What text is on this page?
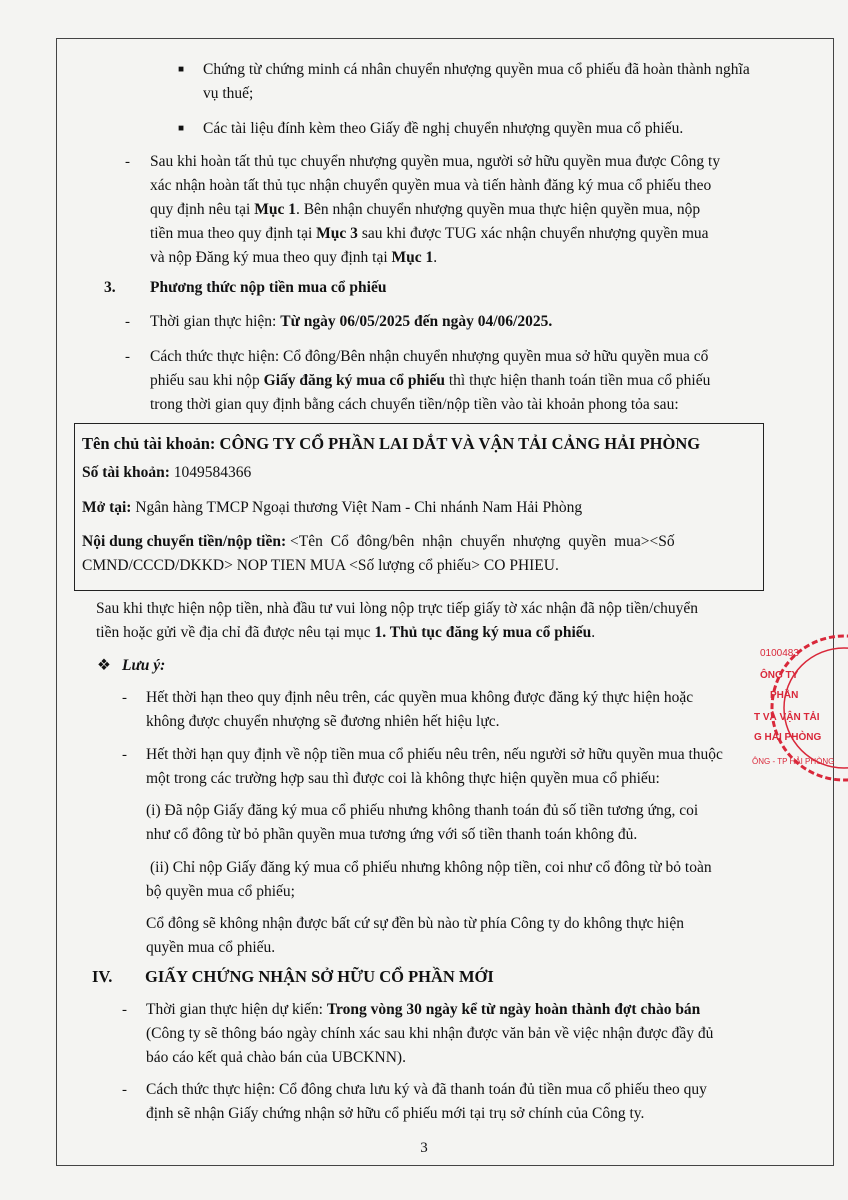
■ Chứng từ chứng minh cá nhân chuyển nhượng quyền mua cổ phiếu đã hoàn thành nghĩa vụ thuế;
■ Các tài liệu đính kèm theo Giấy đề nghị chuyển nhượng quyền mua cổ phiếu.
- Sau khi hoàn tất thủ tục chuyển nhượng quyền mua, người sở hữu quyền mua được Công ty
xác nhận hoàn tất thủ tục nhận chuyển quyền mua và tiến hành đăng ký mua cổ phiếu theo
quy định nêu tại Mục 1. Bên nhận chuyển nhượng quyền mua thực hiện quyền mua, nộp
tiền mua theo quy định tại Mục 3 sau khi được TUG xác nhận chuyển nhượng quyền mua
và nộp Đăng ký mua theo quy định tại Mục 1.
3. Phương thức nộp tiền mua cổ phiếu
- Thời gian thực hiện: Từ ngày 06/05/2025 đến ngày 04/06/2025.
- Cách thức thực hiện: Cổ đông/Bên nhận chuyển nhượng quyền mua sở hữu quyền mua cổ
phiếu sau khi nộp Giấy đăng ký mua cổ phiếu thì thực hiện thanh toán tiền mua cổ phiếu
trong thời gian quy định bằng cách chuyển tiền/nộp tiền vào tài khoản phong tỏa sau:
Tên chủ tài khoản: CÔNG TY CỔ PHẦN LAI DẮT VÀ VẬN TẢI CẢNG HẢI PHÒNG
Số tài khoản: 1049584366
Mở tại: Ngân hàng TMCP Ngoại thương Việt Nam - Chi nhánh Nam Hải Phòng
Nội dung chuyển tiền/nộp tiền: <Tên Cổ đông/bên nhận chuyển nhượng quyền mua><Số
CMND/CCCD/DKKD> NOP TIEN MUA <Số lượng cổ phiếu> CO PHIEU.
Sau khi thực hiện nộp tiền, nhà đầu tư vui lòng nộp trực tiếp giấy tờ xác nhận đã nộp tiền/chuyển
tiền hoặc gửi về địa chỉ đã được nêu tại mục 1. Thủ tục đăng ký mua cổ phiếu.
❖ Lưu ý:
- Hết thời hạn theo quy định nêu trên, các quyền mua không được đăng ký thực hiện hoặc
không được chuyển nhượng sẽ đương nhiên hết hiệu lực.
- Hết thời hạn quy định về nộp tiền mua cổ phiếu nêu trên, nếu người sở hữu quyền mua thuộc
một trong các trường hợp sau thì được coi là không thực hiện quyền mua cổ phiếu:
(i) Đã nộp Giấy đăng ký mua cổ phiếu nhưng không thanh toán đủ số tiền tương ứng, coi
như cổ đông từ bỏ phần quyền mua tương ứng với số tiền thanh toán không đủ.
(ii) Chỉ nộp Giấy đăng ký mua cổ phiếu nhưng không nộp tiền, coi như cổ đông từ bỏ toàn
bộ quyền mua cổ phiếu;
Cổ đông sẽ không nhận được bất cứ sự đền bù nào từ phía Công ty do không thực hiện
quyền mua cổ phiếu.
IV. GIẤY CHỨNG NHẬN SỞ HỮU CỔ PHẦN MỚI
- Thời gian thực hiện dự kiến: Trong vòng 30 ngày kể từ ngày hoàn thành đợt chào bán
(Công ty sẽ thông báo ngày chính xác sau khi nhận được văn bản về việc nhận được đầy đủ
báo cáo kết quả chào bán của UBCKNN).
- Cách thức thực hiện: Cổ đông chưa lưu ký và đã thanh toán đủ tiền mua cổ phiếu theo quy
định sẽ nhận Giấy chứng nhận sở hữu cổ phiếu mới tại trụ sở chính của Công ty.
0100483
ÔNG TY
PHẦN
T VÀ VẬN TẢI
G HẢI PHÒNG
ÔNG - TP HẢI PHÒNG
3
